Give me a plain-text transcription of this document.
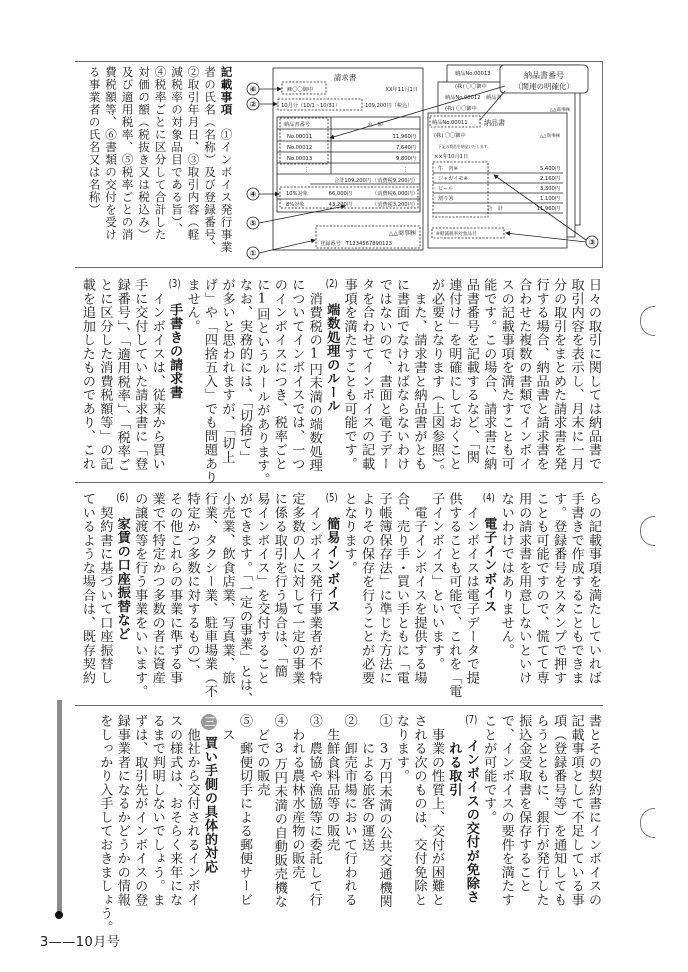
記載事項　①インボイス発行事業
者の氏名（名称）及び登録番号、
②取引年月日、③取引内容（軽
減税率の対象品目である旨）、
④税率ごとに区分して合計した
対価の額（税抜き又は税込み）
及び適用税率、⑤税率ごとの消
費税額等、⑥書類の交付を受け
る事業者の氏名又は名称）	⑥
②
④
⑤
①
③
請求書
XX年11月1日
㈱〇〇御中
10月分（10/1〜10/31）	109,200円（税込）
納品書番号	金　額
No.00011	11,960円
No.00012	7,640円
No.00013	9,800円
⋮	⋮
合計109,200円 （消費税9,200円）
10%対象	66,000円	（消費税6,000円）
8%対象	43,200円	（消費税3,200円）
△△商事㈱
登録番号　T1234567890123
納品No.00013
(株) 〇〇御中
納品No.00012 納品書
(株) 〇〇御中	△△商事㈱
納品No.00011 納品書
(株) 〇〇御中	△△商事㈱
下記の商品を納品いたします。
××年10月1日
牛　肉※	5,400円
ジャガイモ※	2,160円
ビール	3,300円
割り箸	1,100円
合　計	11,960円
※軽減税率対象品目
納品書番号
（関連の明確化）
日々の取引に関しては納品書で
取引内容を表示し、月末に一月
分の取引をまとめた請求書を発
行する場合、納品書と請求書を
合わせた複数の書類でインボイ
スの記載事項を満たすことも可
能です。この場合、請求書に納
品書番号を記載するなど、「関
連付け」を明確にしておくこと
が必要となります（上図参照）。
　また、請求書と納品書がとも
に書面でなければならないわけ
ではないので、書面と電子デー
タを合わせてインボイスの記載
事項を満たすことも可能です。
(2)　端数処理のルール
　消費税の1円未満の端数処理
についてインボイスでは、一つ
のインボイスにつき、税率ごと
に1回というルールがあります。
なお、実務的には、「切捨て」
が多いと思われますが、「切上
げ」や「四捨五入」でも問題あり
ません。
(3)　手書きの請求書
　インボイスは、従来から買い
手に交付していた請求書に「登
録番号」、「適用税率」、「税率ご
とに区分した消費税額等」の記
載を追加したものであり、これ
らの記載事項を満たしていれば
手書きで作成することもできま
す。登録番号をスタンプで押す
ことも可能ですので、慌てて専
用の請求書を用意しないといけ
ないわけではありません。
(4)　電子インボイス
　インボイスは電子データで提
供することも可能で、これを「電
子インボイス」といいます。
　電子インボイスを提供する場
合、売り手・買い手ともに「電
子帳簿保存法」に準じた方法に
よりその保存を行うことが必要
となります。
(5)　簡易インボイス
　インボイス発行事業者が不特
定多数の人に対して一定の事業
に係る取引を行う場合は、「簡
易インボイス」を交付すること
ができます。「一定の事業」とは、
小売業、飲食店業、写真業、旅
行業、タクシー業、駐車場業（不
特定かつ多数に対するもの）、
その他これらの事業に準ずる事
業で不特定かつ多数の者に資産
の譲渡等を行う事業をいいます。
(6)　家賃の口座振替など
　契約書に基づいて口座振替し
ているような場合は、既存契約
書とその契約書にインボイスの
記載事項として不足している事
項（登録番号等）を通知しても
らうとともに、銀行が発行した
振込金受取書を保存すること
で、インボイスの要件を満たす
ことが可能です。
(7)　インボイスの交付が免除さ
　　れる取引
　事業の性質上、交付が困難と
される次のものは、交付免除と
なります。
①　3万円未満の公共交通機関
　　による旅客の運送
②　卸売市場において行われる
　生鮮食料品等の販売
③　農協や漁協等に委託して行
　われる農林水産物の販売
④　3万円未満の自動販売機な
　どでの販売
⑤　郵便切手による郵便サービ
　ス
三買い手側の具体的対応
　他社から交付されるインボイ
スの様式は、おそらく来年にな
るまで判明しないでしょう。ま
ずは、取引先がインボイスの登
録事業者になるかどうかの情報
をしっかり入手しておきましょう。
3——10月号
